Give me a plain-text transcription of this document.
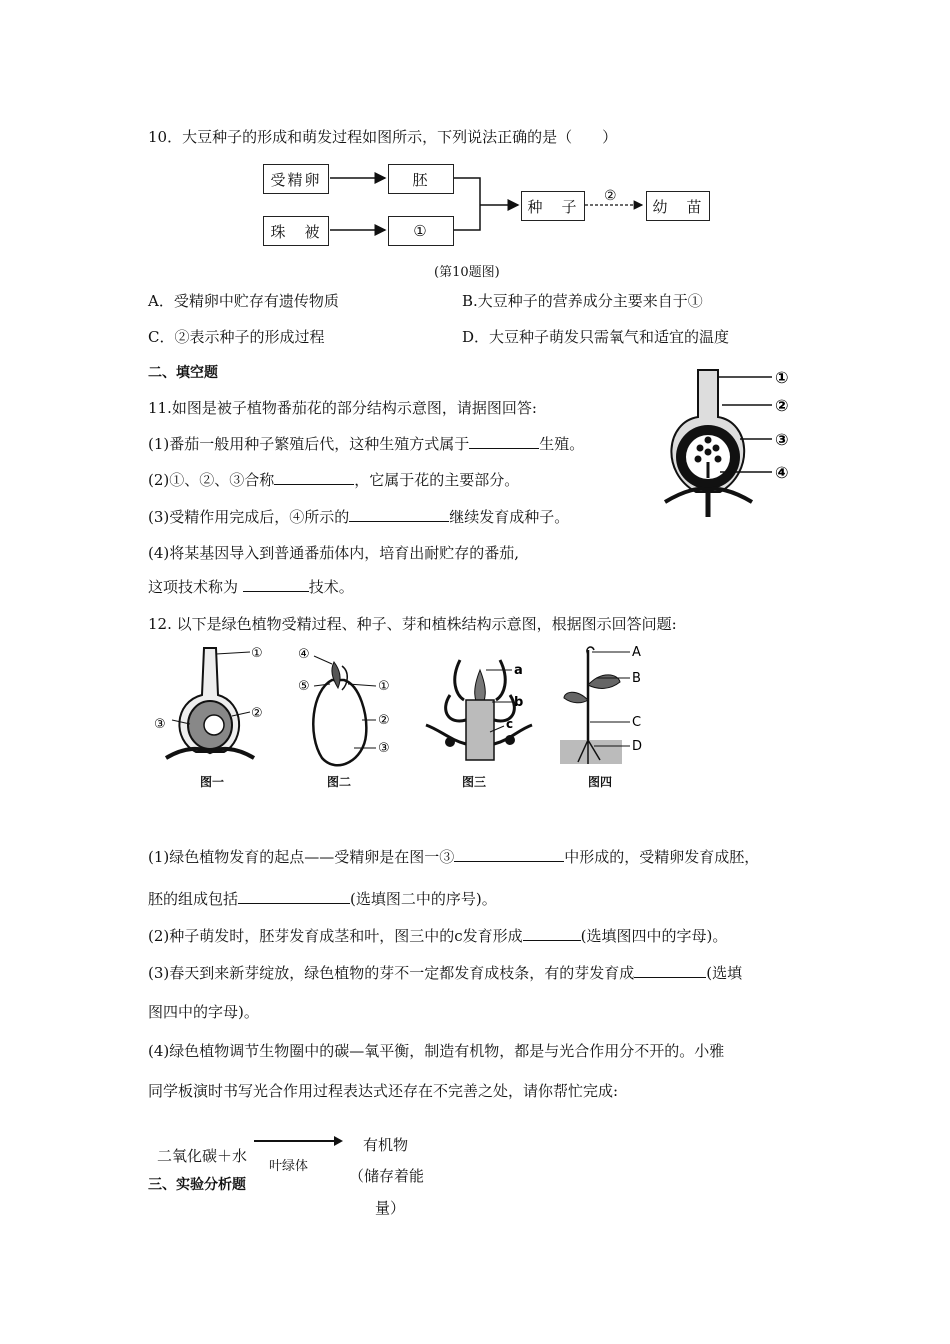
10．大豆种子的形成和萌发过程如图所示，下列说法正确的是（　　）
受精卵	胚
珠　被	①
种　子	幼　苗
②
(第10题图)
A．受精卵中贮存有遗传物质	B.大豆种子的营养成分主要来自于①
C．②表示种子的形成过程	D．大豆种子萌发只需氧气和适宜的温度
二、填空题
11.如图是被子植物番茄花的部分结构示意图，请据图回答:
(1)番茄一般用种子繁殖后代，这种生殖方式属于	生殖。
(2)①、②、③合称	，它属于花的主要部分。
(3)受精作用完成后，④所示的	继续发育成种子。
(4)将某基因导入到普通番茄体内，培育出耐贮存的番茄,
这项技术称为	技术。
①
②
③
④
12. 以下是绿色植物受精过程、种子、芽和植株结构示意图，根据图示回答问题:
①
②
③
图一
④
⑤	①
②
③
图二
a
b
c
图三
A
B
C
D
图四
(1)绿色植物发育的起点——受精卵是在图一③	中形成的，受精卵发育成胚，
胚的组成包括	(选填图二中的序号)。
(2)种子萌发时，胚芽发育成茎和叶，图三中的c发育形成	(选填图四中的字母)。
(3)春天到来新芽绽放，绿色植物的芽不一定都发育成枝条，有的芽发育成	(选填
图四中的字母)。
(4)绿色植物调节生物圈中的碳—氧平衡，制造有机物，都是与光合作用分不开的。小雅
同学板演时书写光合作用过程表达式还存在不完善之处，请你帮忙完成:
二氧化碳＋水
叶绿体
有机物
（储存着能
量）
三、实验分析题
